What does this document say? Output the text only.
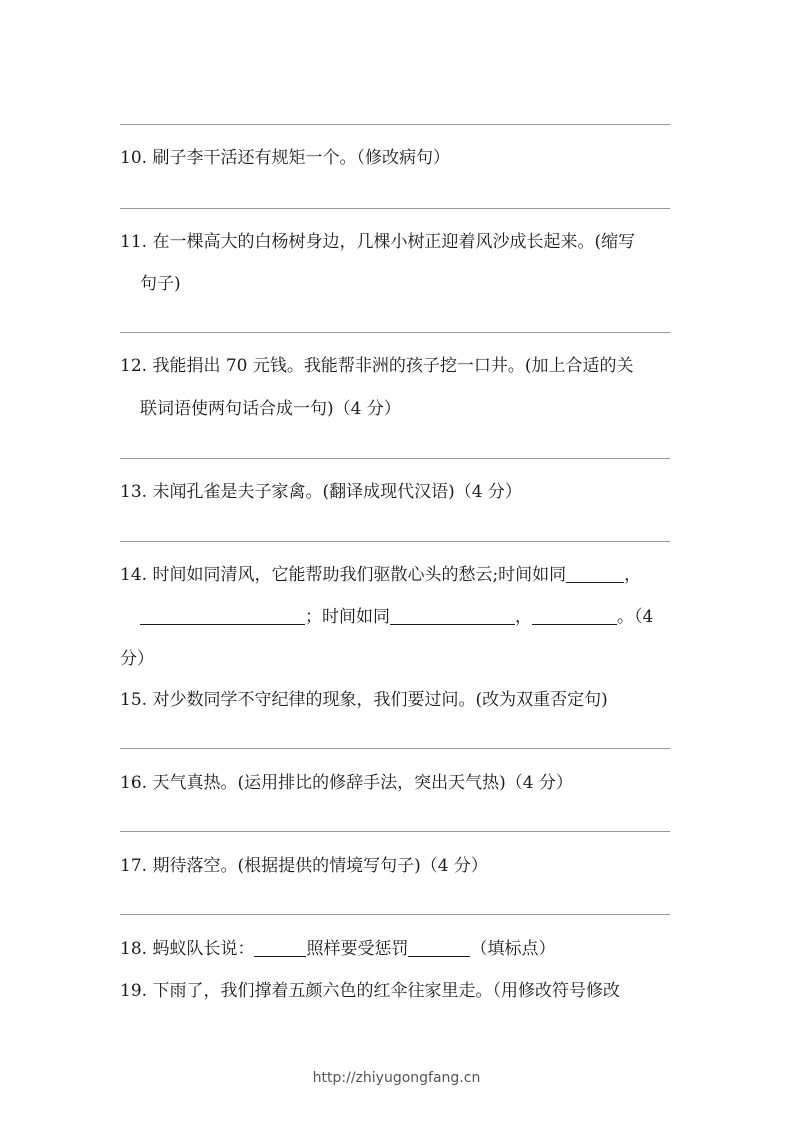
10. 刷子李干活还有规矩一个。（修改病句）
11. 在一棵高大的白杨树身边，几棵小树正迎着风沙成长起来。(缩写
句子)
12. 我能捐出 70 元钱。我能帮非洲的孩子挖一口井。(加上合适的关
联词语使两句话合成一句)（4 分）
13. 未闻孔雀是夫子家禽。(翻译成现代汉语)（4 分）
14. 时间如同清风，它能帮助我们驱散心头的愁云;时间如同	，
；时间如同	，	。（4
分）
15. 对少数同学不守纪律的现象，我们要过问。(改为双重否定句)
16. 天气真热。(运用排比的修辞手法，突出天气热)（4 分）
17. 期待落空。(根据提供的情境写句子)（4 分）
18. 蚂蚁队长说：	照样要受惩罚	（填标点）
19. 下雨了，我们撑着五颜六色的红伞往家里走。（用修改符号修改
http://zhiyugongfang.cn
